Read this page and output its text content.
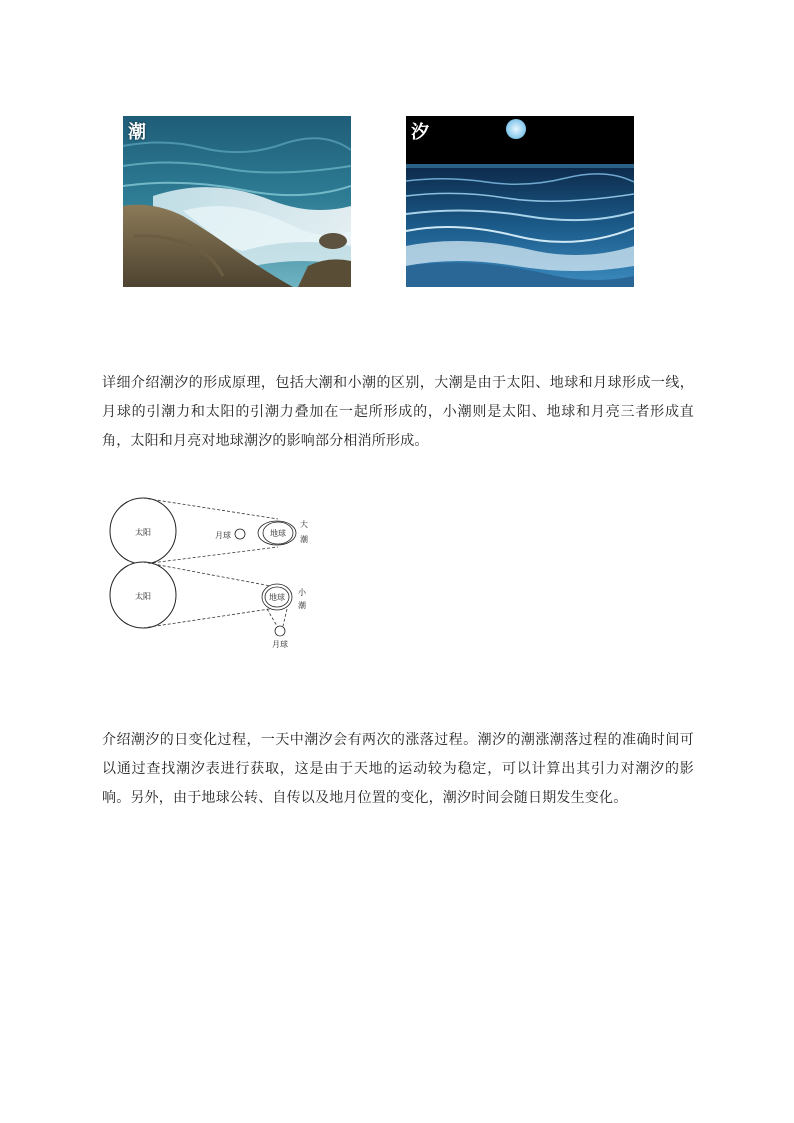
潮	汐

详细介绍潮汐的形成原理，包括大潮和小潮的区别，大潮是由于太阳、地球和月球形成一线，月球的引潮力和太阳的引潮力叠加在一起所形成的，小潮则是太阳、地球和月亮三者形成直角，太阳和月亮对地球潮汐的影响部分相消所形成。

太阳	月球	地球
大
潮
太阳	地球
月球
小
潮

介绍潮汐的日变化过程，一天中潮汐会有两次的涨落过程。潮汐的潮涨潮落过程的准确时间可以通过查找潮汐表进行获取，这是由于天地的运动较为稳定，可以计算出其引力对潮汐的影响。另外，由于地球公转、自传以及地月位置的变化，潮汐时间会随日期发生变化。
